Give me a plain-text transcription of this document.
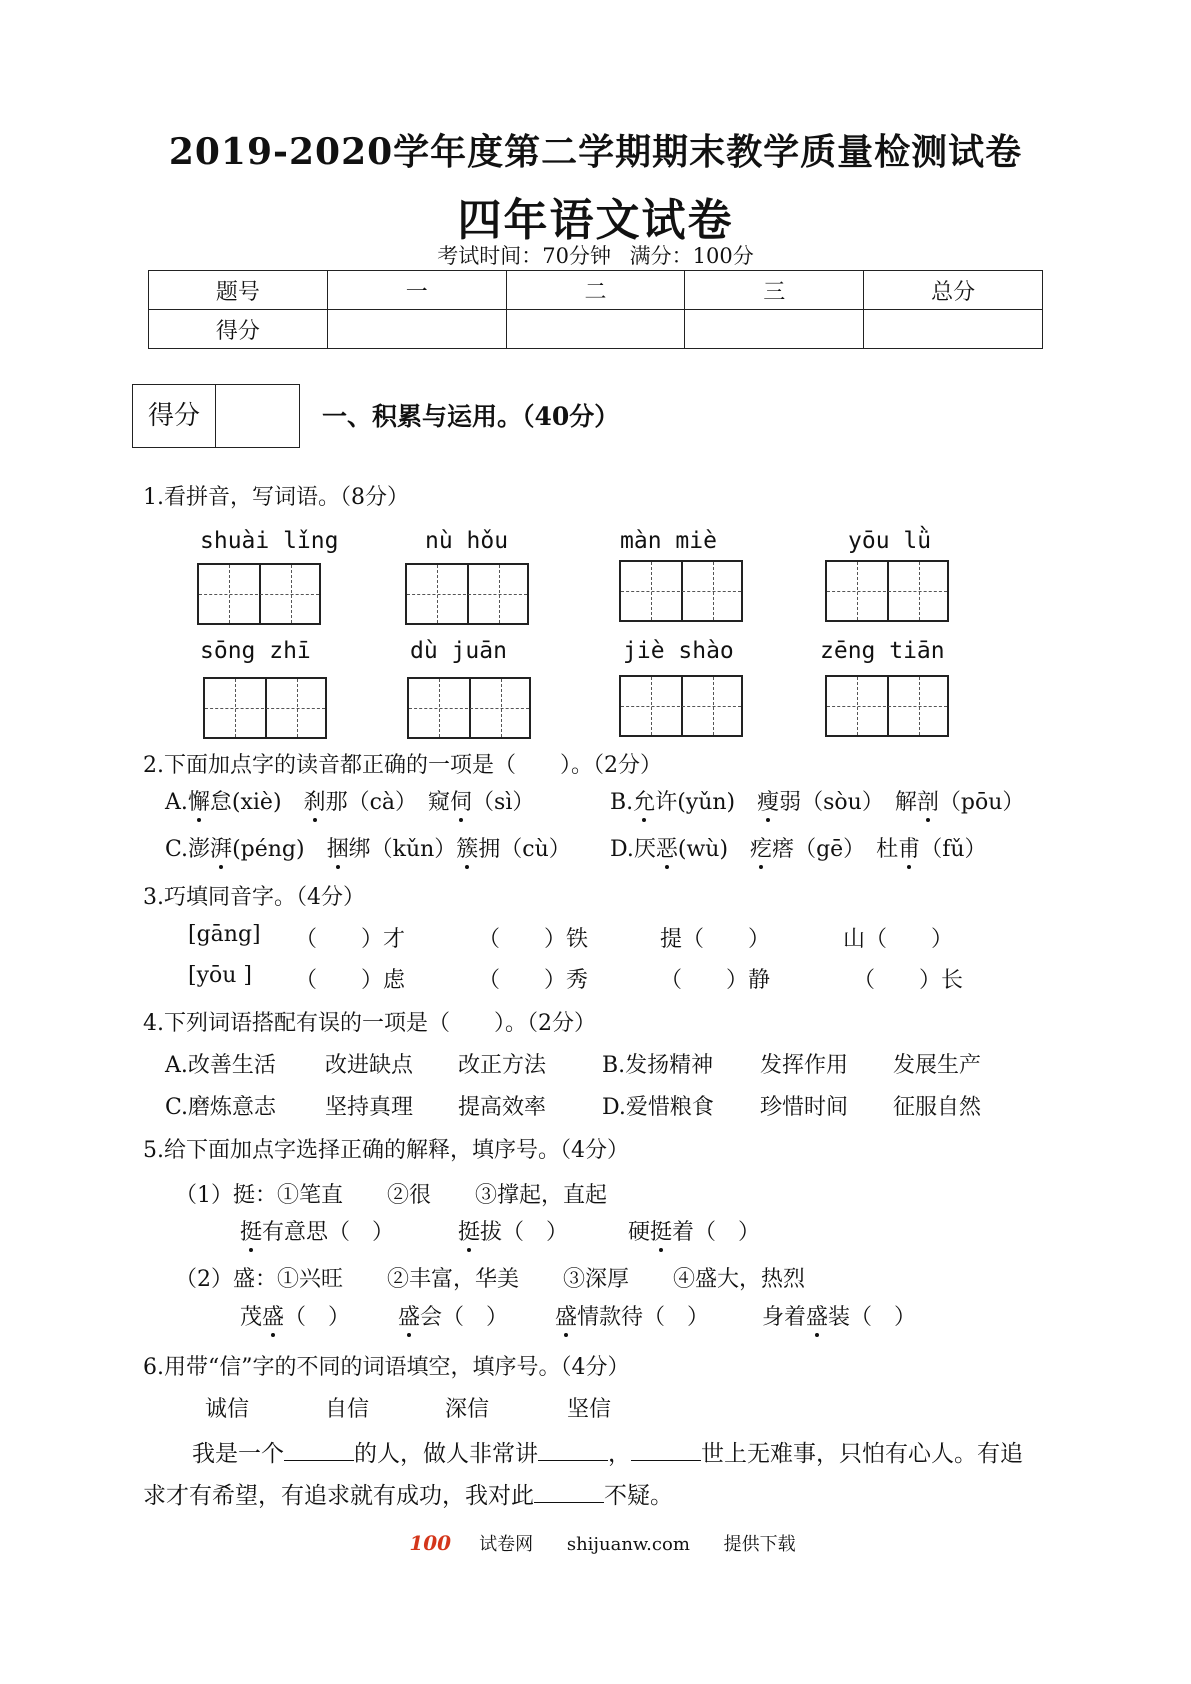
2019-2020学年度第二学期期末教学质量检测试卷
四年语文试卷
考试时间：70分钟 满分：100分
题号	一	二	三	总分
得分				
得分	一、积累与运用。（40分）
1.看拼音，写词语。（8分）
shuài lǐng	nù hǒu	màn miè	yōu lǜ
sōng zhī	dù juān	jiè shào	zēng tiān
2.下面加点字的读音都正确的一项是（　　）。（2分）
A.懈怠(xiè)　刹那（cà）　窥伺（sì）	B.允许(yǔn)　瘦弱（sòu）　解剖（pōu）
C.澎湃(péng)　捆绑（kǔn）簇拥（cù） D.厌恶(wù)　疙瘩（gē）　杜甫（fǔ）
3.巧填同音字。（4分）
[gāng] （　　）才	（　　）铁	提（　　）	山（　　）
[yōu ] （　　）虑	（　　）秀	（　　）静	（　　）长
4.下列词语搭配有误的一项是（　　）。（2分）
A.改善生活 改进缺点 改正方法	B.发扬精神 发挥作用 发展生产
C.磨炼意志 坚持真理 提高效率	D.爱惜粮食 珍惜时间 征服自然
5.给下面加点字选择正确的解释，填序号。（4分）
（1）挺：①笔直　　②很　　③撑起，直起
挺有意思（　）	挺拔（　）	硬挺着（　）
（2）盛：①兴旺　　②丰富，华美　　③深厚　　④盛大，热烈
茂盛（　） 盛会（　） 盛情款待（　） 身着盛装（　）
6.用带“信”字的不同的词语填空，填序号。（4分）
诚信	自信	深信	坚信
我是一个	的人，做人非常讲	，	世上无难事，只怕有心人。有追
求才有希望，有追求就有成功，我对此	不疑。
100 试卷网 shijuanw.com 提供下载
